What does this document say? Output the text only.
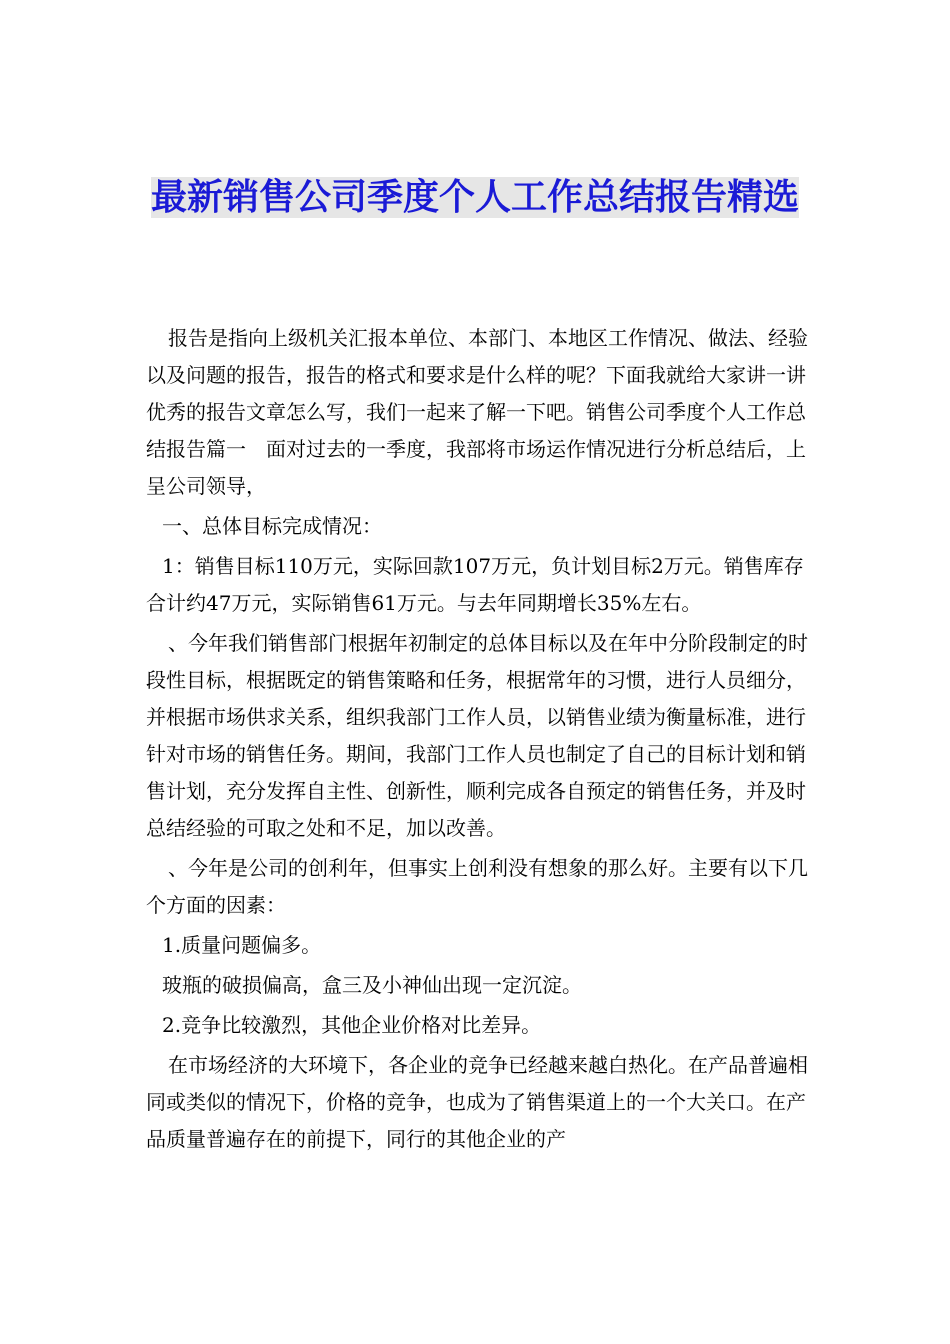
最新销售公司季度个人工作总结报告精选

报告是指向上级机关汇报本单位、本部门、本地区工作情况、做法、经验以及问题的报告，报告的格式和要求是什么样的呢？下面我就给大家讲一讲优秀的报告文章怎么写，我们一起来了解一下吧。销售公司季度个人工作总结报告篇一　面对过去的一季度，我部将市场运作情况进行分析总结后，上呈公司领导，

一、总体目标完成情况：

1：销售目标110万元，实际回款107万元，负计划目标2万元。销售库存合计约47万元，实际销售61万元。与去年同期增长35%左右。

、今年我们销售部门根据年初制定的总体目标以及在年中分阶段制定的时段性目标，根据既定的销售策略和任务，根据常年的习惯，进行人员细分，并根据市场供求关系，组织我部门工作人员，以销售业绩为衡量标准，进行针对市场的销售任务。期间，我部门工作人员也制定了自己的目标计划和销售计划，充分发挥自主性、创新性，顺利完成各自预定的销售任务，并及时总结经验的可取之处和不足，加以改善。

、今年是公司的创利年，但事实上创利没有想象的那么好。主要有以下几个方面的因素：

1.质量问题偏多。

玻瓶的破损偏高，盒三及小神仙出现一定沉淀。

2.竞争比较激烈，其他企业价格对比差异。

在市场经济的大环境下，各企业的竞争已经越来越白热化。在产品普遍相同或类似的情况下，价格的竞争，也成为了销售渠道上的一个大关口。在产品质量普遍存在的前提下，同行的其他企业的产
